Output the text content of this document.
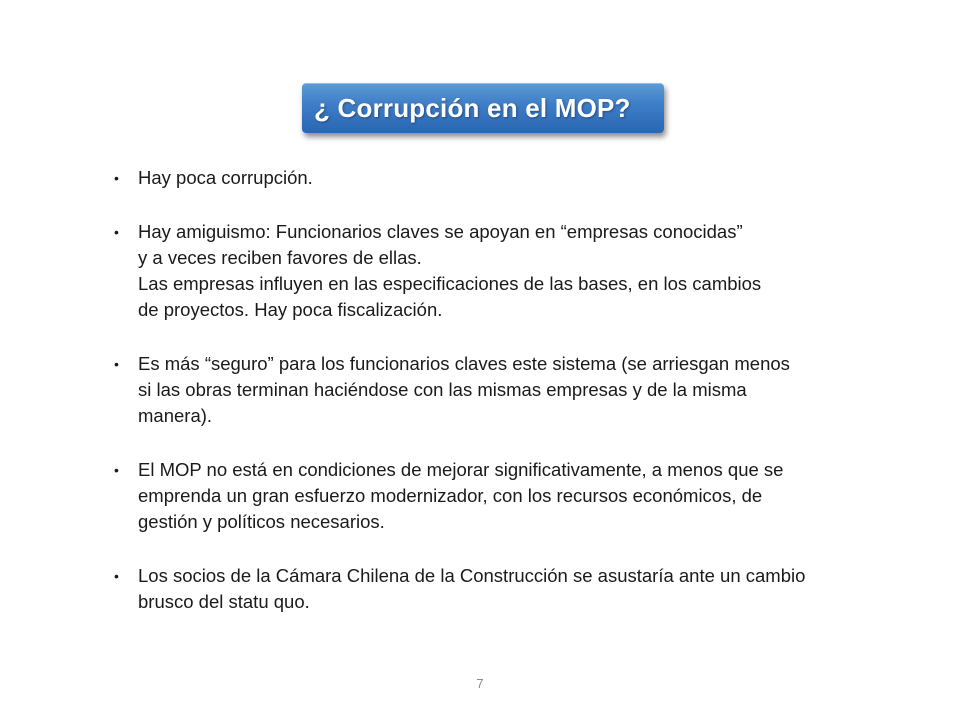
¿ Corrupción en el MOP?
• Hay poca corrupción.
• Hay amiguismo: Funcionarios claves se apoyan en “empresas conocidas”
y a veces reciben favores de ellas.
Las empresas influyen en las especificaciones de las bases, en los cambios
de proyectos. Hay poca fiscalización.
• Es más “seguro” para los funcionarios claves este sistema (se arriesgan menos
si las obras terminan haciéndose con las mismas empresas y de la misma
manera).
• El MOP no está en condiciones de mejorar significativamente, a menos que se
emprenda un gran esfuerzo modernizador, con los recursos económicos, de
gestión y políticos necesarios.
• Los socios de la Cámara Chilena de la Construcción se asustaría ante un cambio
brusco del statu quo.
7
